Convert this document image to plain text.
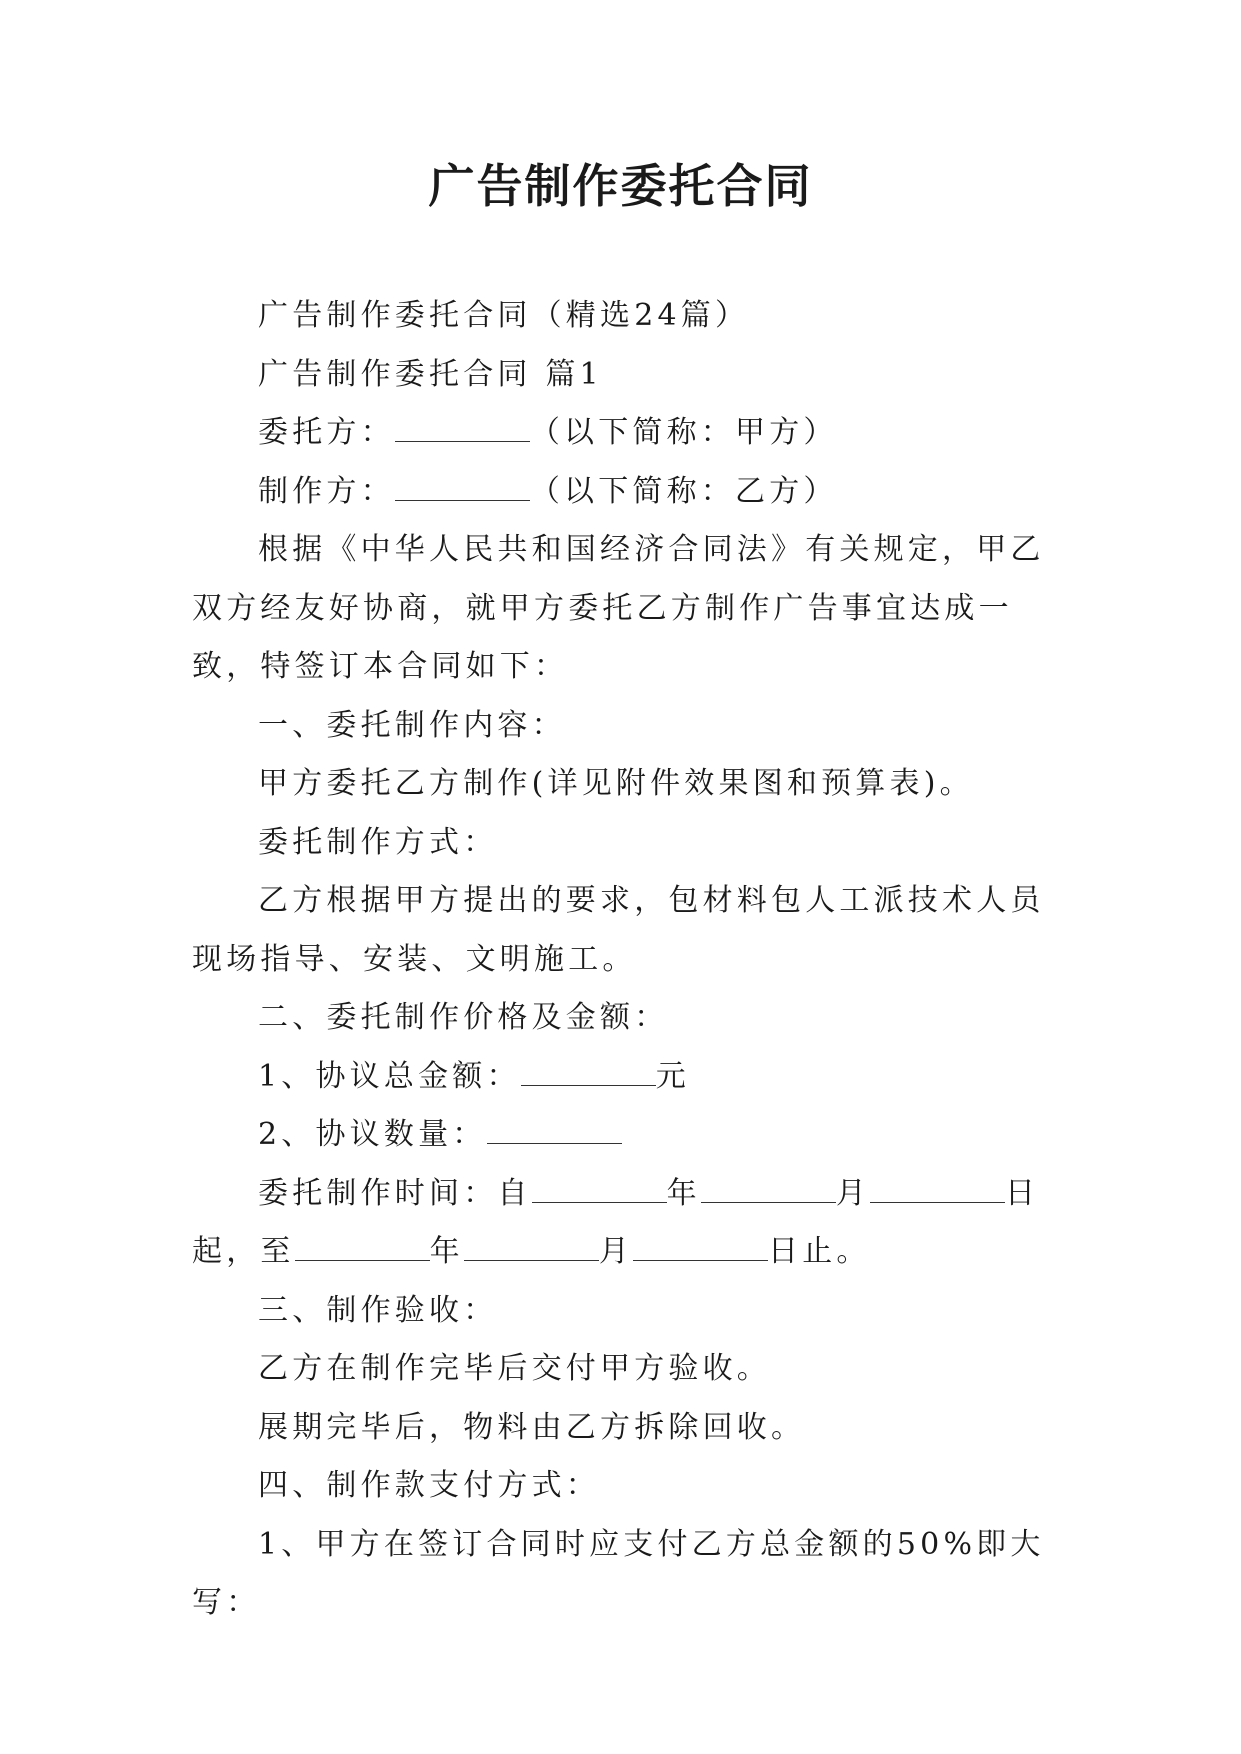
广告制作委托合同

广告制作委托合同（精选24篇）

广告制作委托合同 篇1

委托方：	（以下简称：甲方）

制作方：	（以下简称：乙方）

根据《中华人民共和国经济合同法》有关规定，甲乙双方经友好协商，就甲方委托乙方制作广告事宜达成一致，特签订本合同如下：

一、委托制作内容：

甲方委托乙方制作(详见附件效果图和预算表)。

委托制作方式：

乙方根据甲方提出的要求，包材料包人工派技术人员现场指导、安装、文明施工。

二、委托制作价格及金额：

1、协议总金额：	元

2、协议数量：

委托制作时间：自	年	月	日起，至	年	月	日止。

三、制作验收：

乙方在制作完毕后交付甲方验收。

展期完毕后，物料由乙方拆除回收。

四、制作款支付方式：

1、甲方在签订合同时应支付乙方总金额的50%即大写：
